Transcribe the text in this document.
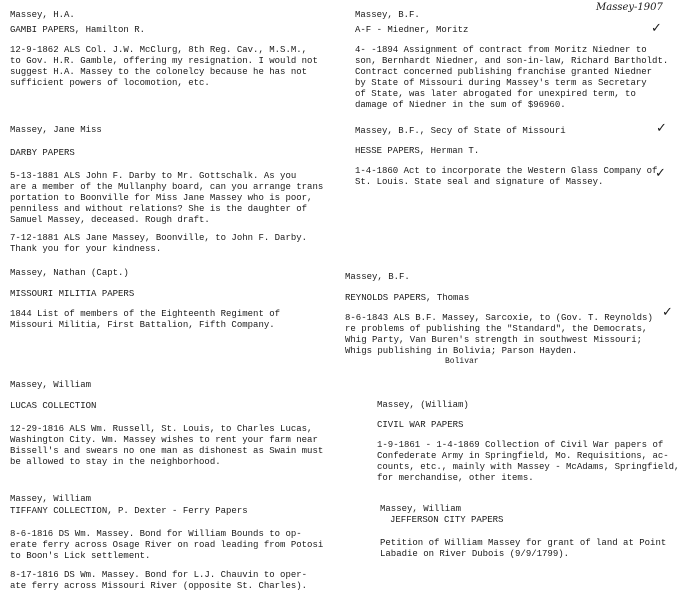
Massey, H.A.
GAMBI PAPERS, Hamilton R.
12-9-1862 ALS Col. J.W. McClurg, 8th Reg. Cav., M.S.M.,
to Gov. H.R. Gamble, offering my resignation. I would not
suggest H.A. Massey to the colonelcy because he has not
sufficient powers of locomotion, etc.
Massey, Jane Miss
DARBY PAPERS
5-13-1881 ALS John F. Darby to Mr. Gottschalk. As you
are a member of the Mullanphy board, can you arrange trans
portation to Boonville for Miss Jane Massey who is poor,
penniless and without relations? She is the daughter of
Samuel Massey, deceased. Rough draft.
7-12-1881 ALS Jane Massey, Boonville, to John F. Darby.
Thank you for your kindness.
Massey, Nathan (Capt.)
MISSOURI MILITIA PAPERS
1844 List of members of the Eighteenth Regiment of
Missouri Militia, First Battalion, Fifth Company.
Massey, William
LUCAS COLLECTION
12-29-1816 ALS Wm. Russell, St. Louis, to Charles Lucas,
Washington City. Wm. Massey wishes to rent your farm near
Bissell's and swears no one man as dishonest as Swain must
be allowed to stay in the neighborhood.
Massey, William
TIFFANY COLLECTION, P. Dexter - Ferry Papers
8-6-1816 DS Wm. Massey. Bond for William Bounds to op-
erate ferry across Osage River on road leading from Potosi
to Boon's Lick settlement.
8-17-1816 DS Wm. Massey. Bond for L.J. Chauvin to oper-
ate ferry across Missouri River (opposite St. Charles).
Massey-1907
Massey, B.F.
A-F - Miedner, Moritz
4- -1894 Assignment of contract from Moritz Niedner to
son, Bernhardt Niedner, and son-in-law, Richard Bartholdt.
Contract concerned publishing franchise granted Niedner
by State of Missouri during Massey's term as Secretary
of State, was later abrogated for unexpired term, to
damage of Niedner in the sum of $96960.
✓
Massey, B.F., Secy of State of Missouri
HESSE PAPERS, Herman T.
1-4-1860 Act to incorporate the Western Glass Company of
St. Louis. State seal and signature of Massey.
✓
✓
Massey, B.F.
REYNOLDS PAPERS, Thomas
8-6-1843 ALS B.F. Massey, Sarcoxie, to (Gov. T. Reynolds)
re problems of publishing the "Standard", the Democrats,
Whig Party, Van Buren's strength in southwest Missouri;
Whigs publishing in Bolivia; Parson Hayden.
Bolivar
✓
Massey, (William)
CIVIL WAR PAPERS
1-9-1861 - 1-4-1869 Collection of Civil War papers of
Confederate Army in Springfield, Mo. Requisitions, ac-
counts, etc., mainly with Massey - McAdams, Springfield,
for merchandise, other items.
Massey, William
JEFFERSON CITY PAPERS
Petition of William Massey for grant of land at Point
Labadie on River Dubois (9/9/1799).
